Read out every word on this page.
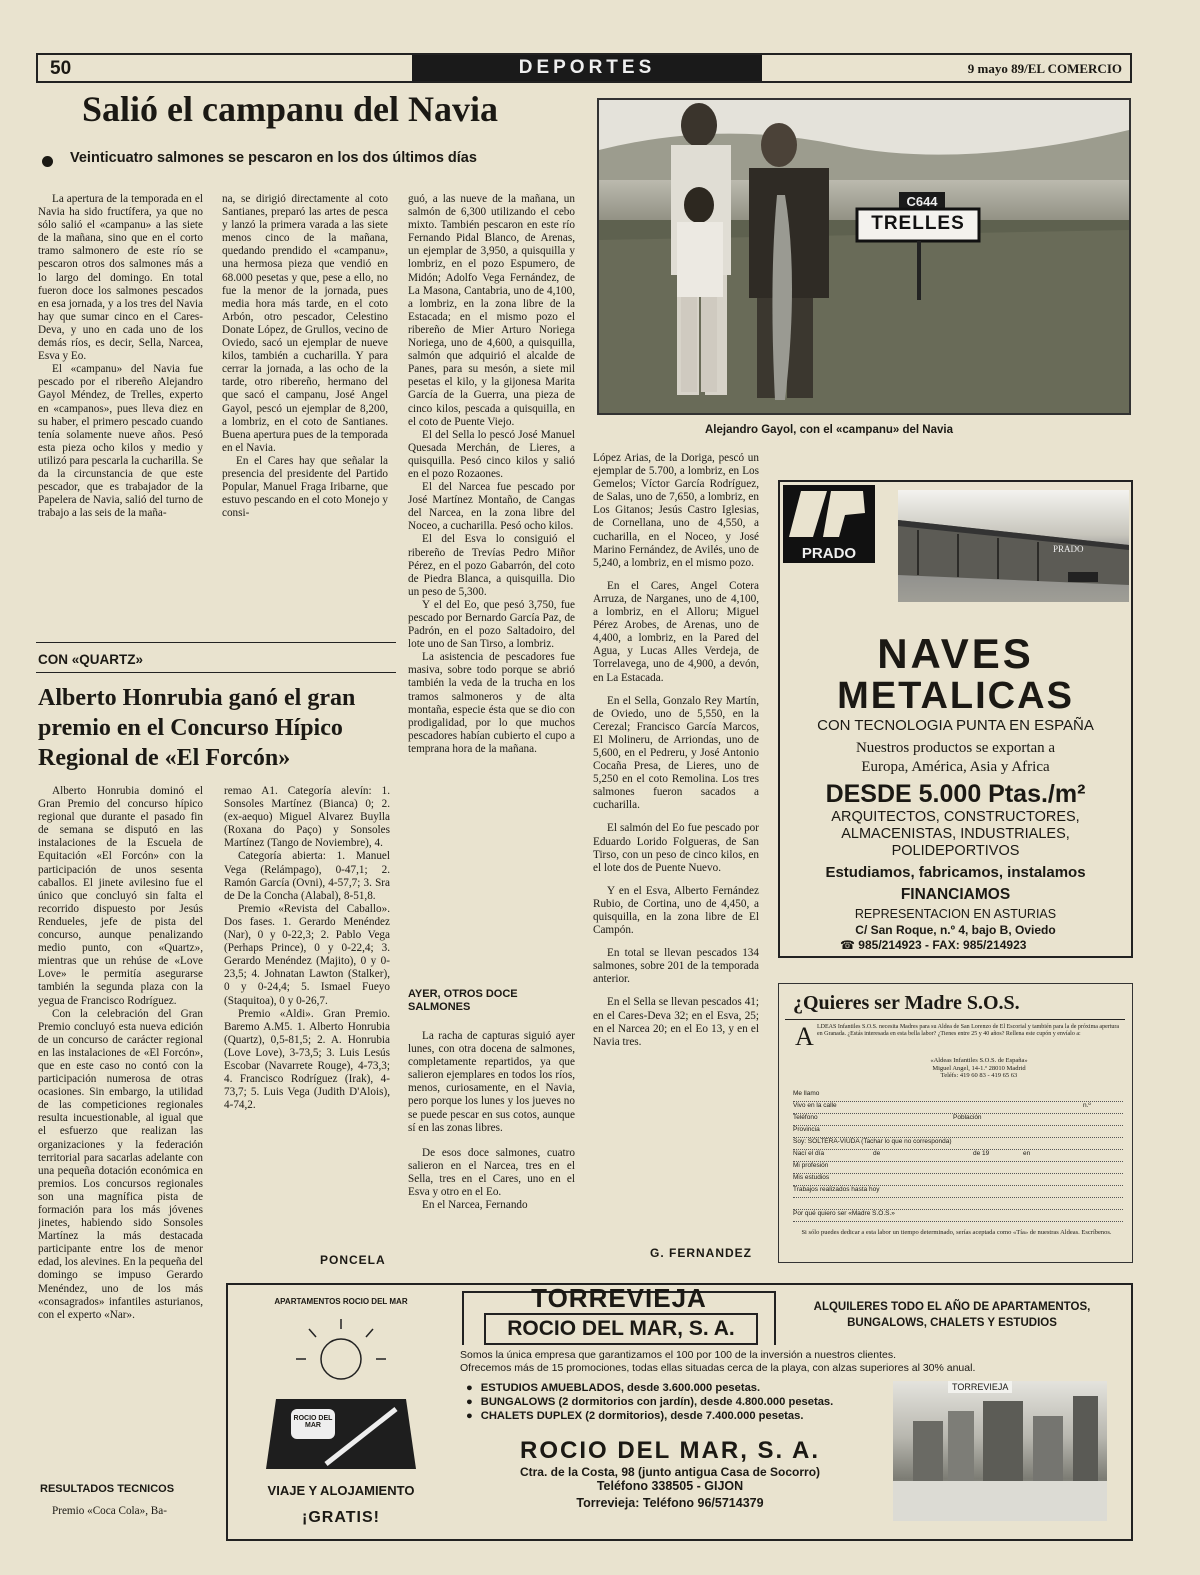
50	DEPORTES	9 mayo 89/EL COMERCIO
Salió el campanu del Navia
Veinticuatro salmones se pescaron en los dos últimos días

La apertura de la temporada en el Navia ha sido fructífera, ya que no sólo salió el «campanu» a las siete de la mañana, sino que en el corto tramo salmonero de este río se pescaron otros dos salmones más a lo largo del domingo. En total fueron doce los salmones pescados en esa jornada, y a los tres del Navia hay que sumar cinco en el Cares-Deva, y uno en cada uno de los demás ríos, es decir, Sella, Narcea, Esva y Eo.

El «campanu» del Navia fue pescado por el ribereño Alejandro Gayol Méndez, de Trelles, experto en «campanos», pues lleva diez en su haber, el primero pescado cuando tenía solamente nueve años. Pesó esta pieza ocho kilos y medio y utilizó para pescarla la cucharilla. Se da la circunstancia de que este pescador, que es trabajador de la Papelera de Navia, salió del turno de trabajo a las seis de la maña-

na, se dirigió directamente al coto Santianes, preparó las artes de pesca y lanzó la primera varada a las siete menos cinco de la mañana, quedando prendido el «campanu», una hermosa pieza que vendió en 68.000 pesetas y que, pese a ello, no fue la menor de la jornada, pues media hora más tarde, en el coto Arbón, otro pescador, Celestino Donate López, de Grullos, vecino de Oviedo, sacó un ejemplar de nueve kilos, también a cucharilla. Y para cerrar la jornada, a las ocho de la tarde, otro ribereño, hermano del que sacó el campanu, José Angel Gayol, pescó un ejemplar de 8,200, a lombriz, en el coto de Santianes. Buena apertura pues de la temporada en el Navia.

En el Cares hay que señalar la presencia del presidente del Partido Popular, Manuel Fraga Iribarne, que estuvo pescando en el coto Monejo y consi-

guó, a las nueve de la mañana, un salmón de 6,300 utilizando el cebo mixto. También pescaron en este río Fernando Pidal Blanco, de Arenas, un ejemplar de 3,950, a quisquilla y lombriz, en el pozo Espumero, de Midón; Adolfo Vega Fernández, de La Masona, Cantabria, uno de 4,100, a lombriz, en la zona libre de la Estacada; en el mismo pozo el ribereño de Mier Arturo Noriega Noriega, uno de 4,600, a quisquilla, salmón que adquirió el alcalde de Panes, para su mesón, a siete mil pesetas el kilo, y la gijonesa Marita García de la Guerra, una pieza de cinco kilos, pescada a quisquilla, en el coto de Puente Viejo.

El del Sella lo pescó José Manuel Quesada Merchán, de Lieres, a quisquilla. Pesó cinco kilos y salió en el pozo Rozaones.

El del Narcea fue pescado por José Martínez Montaño, de Cangas del Narcea, en la zona libre del Noceo, a cucharilla. Pesó ocho kilos.

El del Esva lo consiguió el ribereño de Trevías Pedro Miñor Pérez, en el pozo Gabarrón, del coto de Piedra Blanca, a quisquilla. Dio un peso de 5,300.

Y el del Eo, que pesó 3,750, fue pescado por Bernardo García Paz, de Padrón, en el pozo Saltadoiro, del lote uno de San Tirso, a lombriz.

La asistencia de pescadores fue masiva, sobre todo porque se abrió también la veda de la trucha en los tramos salmoneros y de alta montaña, especie ésta que se dio con prodigalidad, por lo que muchos pescadores habían cubierto el cupo a temprana hora de la mañana.

AYER, OTROS DOCE SALMONES

La racha de capturas siguió ayer lunes, con otra docena de salmones, completamente repartidos, ya que salieron ejemplares en todos los ríos, menos, curiosamente, en el Navia, pero porque los lunes y los jueves no se puede pescar en sus cotos, aunque sí en las zonas libres.

De esos doce salmones, cuatro salieron en el Narcea, tres en el Sella, tres en el Cares, uno en el Esva y otro en el Eo.

En el Narcea, Fernando

López Arias, de la Doriga, pescó un ejemplar de 5.700, a lombriz, en Los Gemelos; Víctor García Rodríguez, de Salas, uno de 7,650, a lombriz, en Los Gitanos; Jesús Castro Iglesias, de Cornellana, uno de 4,550, a cucharilla, en el Noceo, y José Marino Fernández, de Avilés, uno de 5,240, a lombriz, en el mismo pozo.

En el Cares, Angel Cotera Arruza, de Narganes, uno de 4,100, a lombriz, en el Alloru; Miguel Pérez Arobes, de Arenas, uno de 4,400, a lombriz, en la Pared del Agua, y Lucas Alles Verdeja, de Torrelavega, uno de 4,900, a devón, en La Estacada.

En el Sella, Gonzalo Rey Martín, de Oviedo, uno de 5,550, en la Cerezal; Francisco García Marcos, El Molineru, de Arriondas, uno de 5,600, en el Pedreru, y José Antonio Cocaña Presa, de Lieres, uno de 5,250 en el coto Remolina. Los tres salmones fueron sacados a cucharilla.

El salmón del Eo fue pescado por Eduardo Lorido Folgueras, de San Tirso, con un peso de cinco kilos, en el lote dos de Puente Nuevo.

Y en el Esva, Alberto Fernández Rubio, de Cortina, uno de 4,450, a quisquilla, en la zona libre de El Campón.

En total se llevan pescados 134 salmones, sobre 201 de la temporada anterior.

En el Sella se llevan pescados 41; en el Cares-Deva 32; en el Esva, 25; en el Narcea 20; en el Eo 13, y en el Navia tres.

G. FERNANDEZ
C644
TRELLES
Alejandro Gayol, con el «campanu» del Navia
CON «QUARTZ»
Alberto Honrubia ganó el gran premio en el Concurso Hípico Regional de «El Forcón»

Alberto Honrubia dominó el Gran Premio del concurso hípico regional que durante el pasado fin de semana se disputó en las instalaciones de la Escuela de Equitación «El Forcón» con la participación de unos sesenta caballos. El jinete avilesino fue el único que concluyó sin falta el recorrido dispuesto por Jesús Rendueles, jefe de pista del concurso, aunque penalizando medio punto, con «Quartz», mientras que un rehúse de «Love Love» le permitía asegurarse también la segunda plaza con la yegua de Francisco Rodríguez.

Con la celebración del Gran Premio concluyó esta nueva edición de un concurso de carácter regional en las instalaciones de «El Forcón», que en este caso no contó con la participación numerosa de otras ocasiones. Sin embargo, la utilidad de las competiciones regionales resulta incuestionable, al igual que el esfuerzo que realizan las organizaciones y la federación territorial para sacarlas adelante con una pequeña dotación económica en premios. Los concursos regionales son una magnífica pista de formación para los más jóvenes jinetes, habiendo sido Sonsoles Martínez la más destacada participante entre los de menor edad, los alevines. En la pequeña del domingo se impuso Gerardo Menéndez, uno de los más «consagrados» infantiles asturianos, con el experto «Nar».

RESULTADOS TECNICOS

Premio «Coca Cola», Ba-

remao A1. Categoría alevín: 1. Sonsoles Martínez (Bianca) 0; 2. (ex-aequo) Miguel Alvarez Buylla (Roxana do Paço) y Sonsoles Martínez (Tango de Noviembre), 4.

Categoría abierta: 1. Manuel Vega (Relámpago), 0-47,1; 2. Ramón García (Ovni), 4-57,7; 3. Sra de De la Concha (Alabal), 8-51,8.

Premio «Revista del Caballo». Dos fases. 1. Gerardo Menéndez (Nar), 0 y 0-22,3; 2. Pablo Vega (Perhaps Prince), 0 y 0-22,4; 3. Gerardo Menéndez (Majito), 0 y 0-23,5; 4. Johnatan Lawton (Stalker), 0 y 0-24,4; 5. Ismael Fueyo (Staquitoa), 0 y 0-26,7.

Premio «Aldi». Gran Premio. Baremo A.M5. 1. Alberto Honrubia (Quartz), 0,5-81,5; 2. A. Honrubia (Love Love), 3-73,5; 3. Luis Lesús Escobar (Navarrete Rouge), 4-73,3; 4. Francisco Rodríguez (Irak), 4-73,7; 5. Luis Vega (Judith D'Alois), 4-74,2.

PONCELA
PRADO	PRADO
NAVES
METALICAS
CON TECNOLOGIA PUNTA EN ESPAÑA
Nuestros productos se exportan a
Europa, América, Asia y Africa
DESDE 5.000 Ptas./m²
ARQUITECTOS, CONSTRUCTORES,
ALMACENISTAS, INDUSTRIALES,
POLIDEPORTIVOS
Estudiamos, fabricamos, instalamos
FINANCIAMOS
REPRESENTACION EN ASTURIAS
C/ San Roque, n.º 4, bajo B, Oviedo
☎ 985/214923 - FAX: 985/214923
¿Quieres ser Madre S.O.S.
A LDEAS Infantiles S.O.S. necesita Madres para su Aldea de San Lorenzo de El Escorial y también para la de próxima apertura en Granada. ¿Estás interesada en esta bella labor? ¿Tienes entre 25 y 40 años? Rellena este cupón y envíalo a:
«Aldeas Infantiles S.O.S. de España»
Miguel Angel, 14-1.º 28010 Madrid
Teléfs: 419 60 83 - 419 65 63
Me llamo
Vivo en la calle	n.º
Teléfono	Población
Provincia
Soy: SOLTERA-VIUDA (Tachar lo que no corresponda)
Nací el día	de	de 19	en
Mi profesión
Mis estudios
Trabajos realizados hasta hoy
Por qué quiero ser «Madre S.O.S.»
Si sólo puedes dedicar a esta labor un tiempo determinado, serías aceptada como «Tía» de nuestras Aldeas. Escríbenos.
APARTAMENTOS ROCIO DEL MAR
ROCIO DEL MAR
VIAJE Y ALOJAMIENTO
¡GRATIS!
TORREVIEJA
ROCIO DEL MAR, S. A.
ALQUILERES TODO EL AÑO DE APARTAMENTOS, BUNGALOWS, CHALETS Y ESTUDIOS
Somos la única empresa que garantizamos el 100 por 100 de la inversión a nuestros clientes.
Ofrecemos más de 15 promociones, todas ellas situadas cerca de la playa, con alzas superiores al 30% anual.
● ESTUDIOS AMUEBLADOS, desde 3.600.000 pesetas.
● BUNGALOWS (2 dormitorios con jardín), desde 4.800.000 pesetas.
● CHALETS DUPLEX (2 dormitorios), desde 7.400.000 pesetas.
ROCIO DEL MAR, S. A.
Ctra. de la Costa, 98 (junto antigua Casa de Socorro)
Teléfono 338505 - GIJON
Torrevieja: Teléfono 96/5714379
TORREVIEJA
